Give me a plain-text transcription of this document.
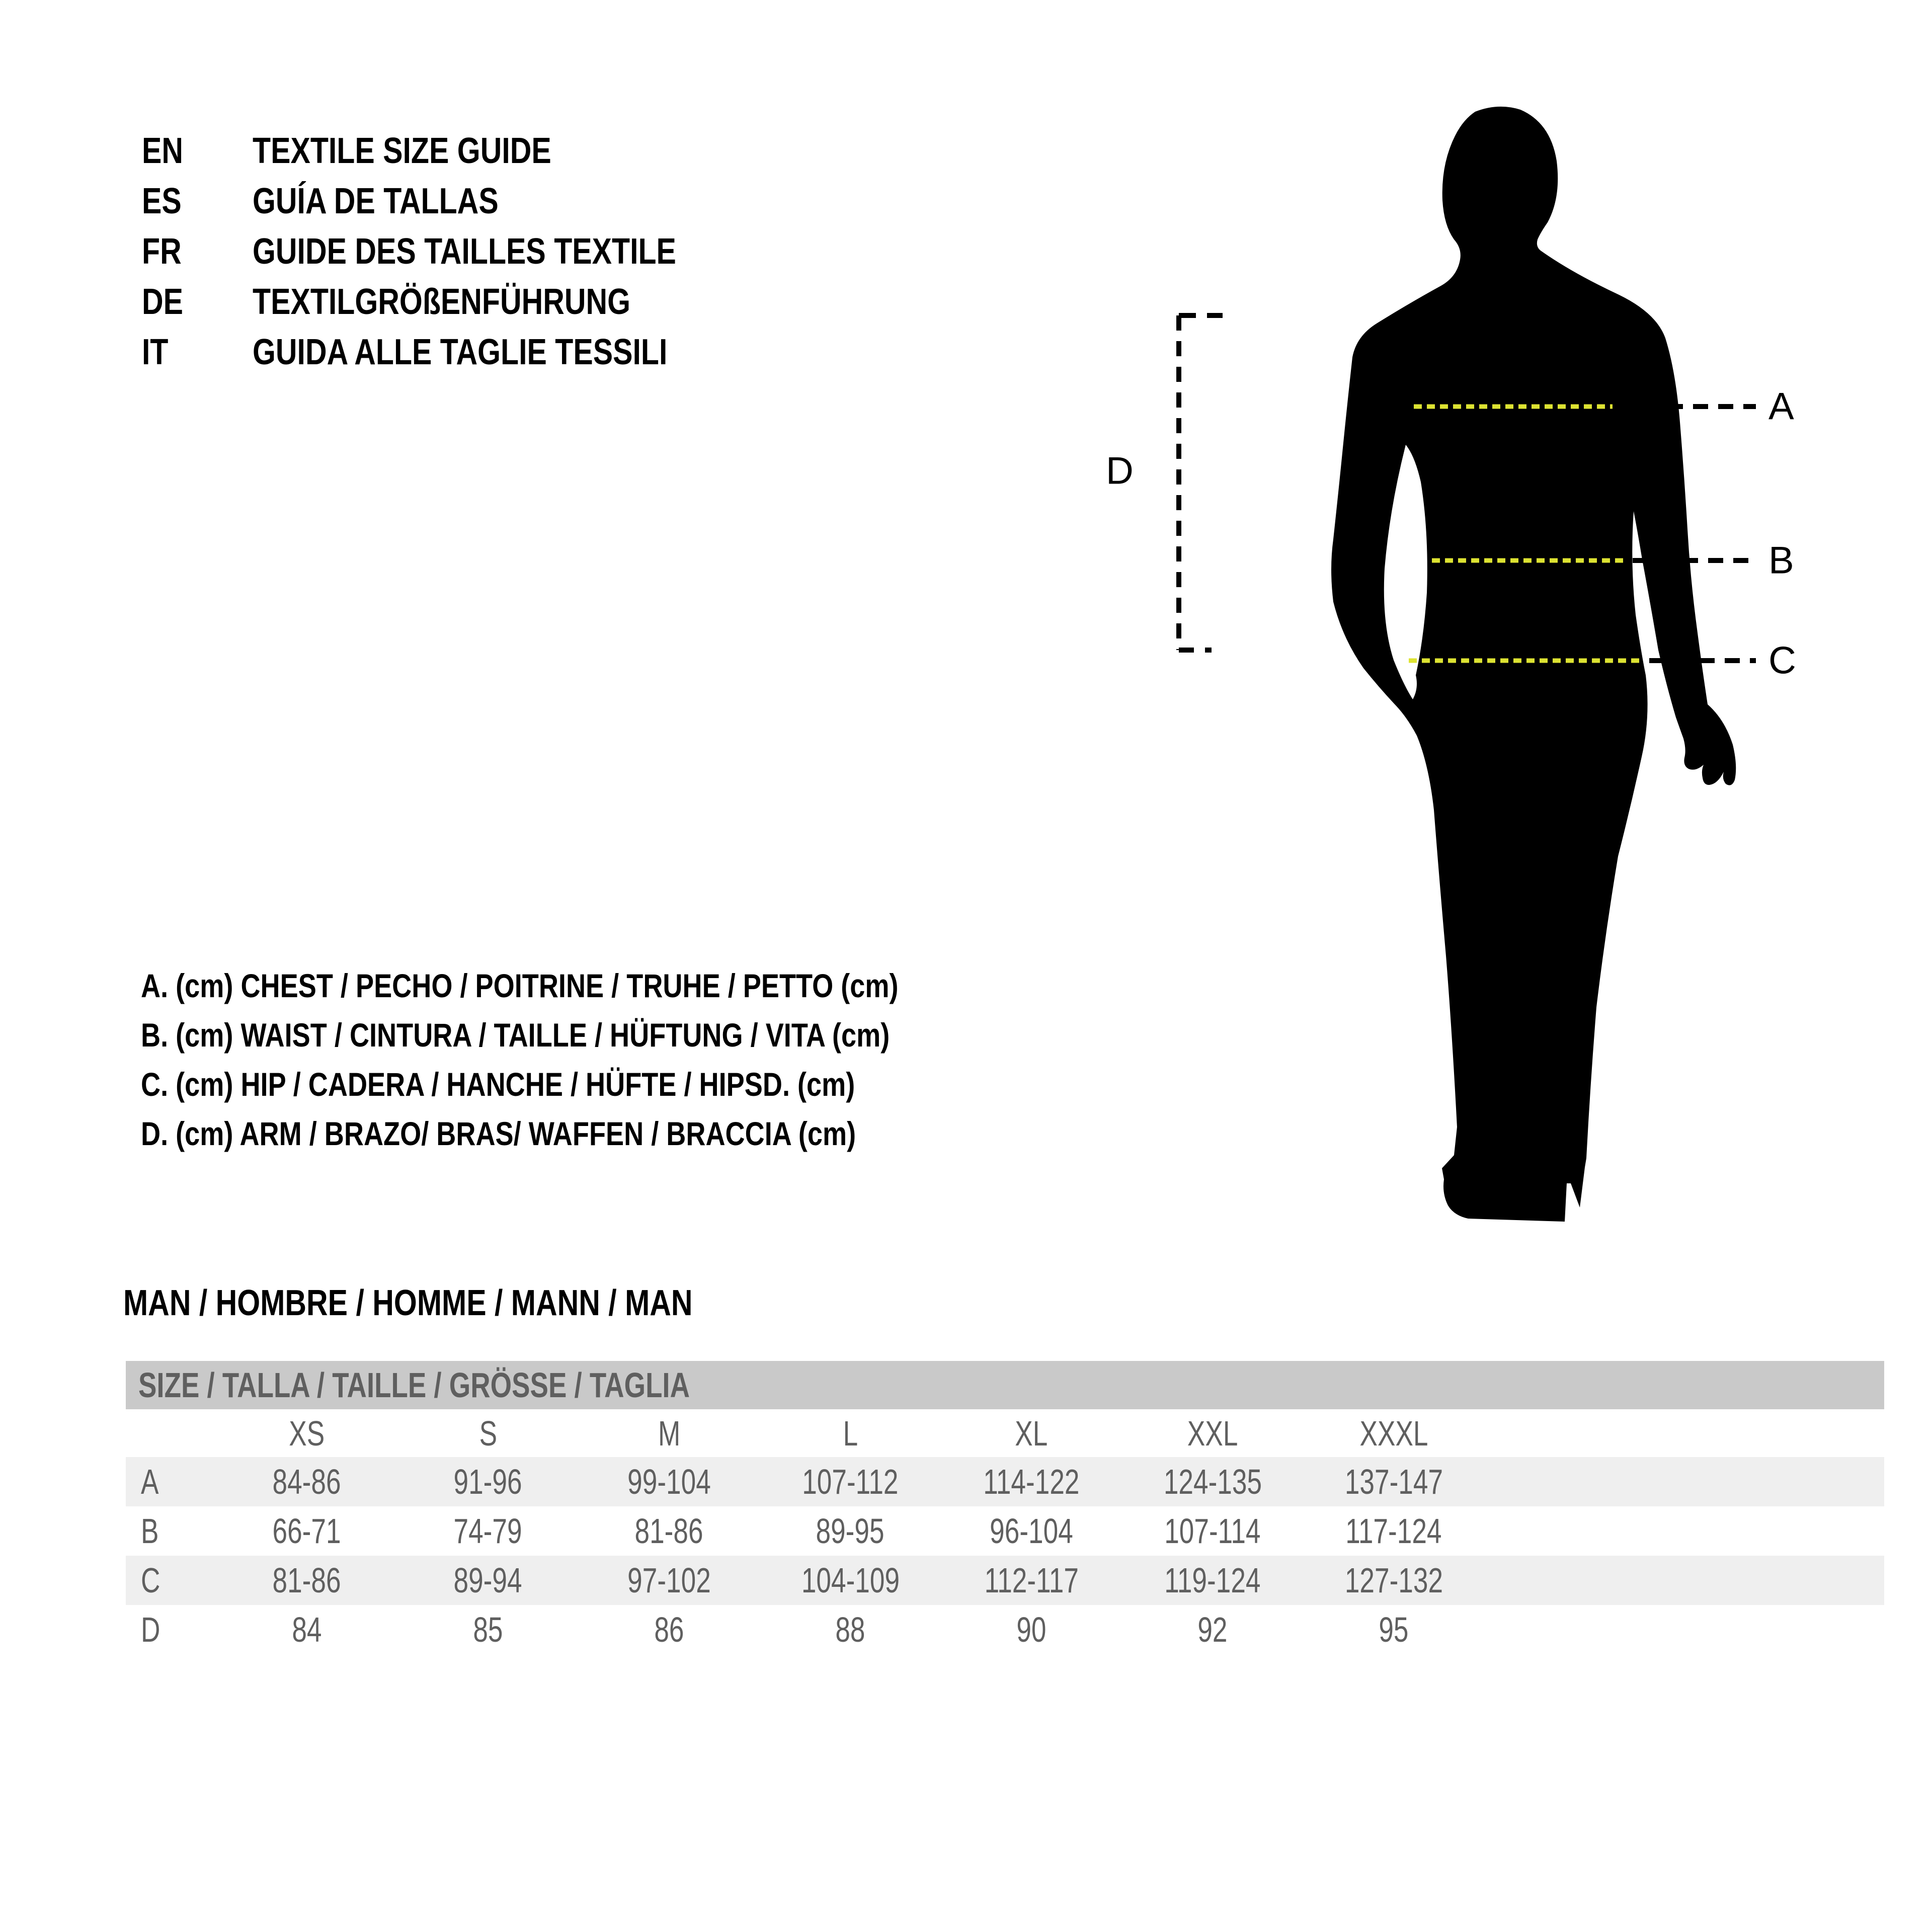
EN TEXTILE SIZE GUIDE
ES GUÍA DE TALLAS
FR GUIDE DES TAILLES TEXTILE
DE TEXTILGRÖßENFÜHRUNG
IT GUIDA ALLE TAGLIE TESSILI
A
B
C
D
A. (cm) CHEST / PECHO / POITRINE / TRUHE / PETTO (cm)
B. (cm) WAIST / CINTURA / TAILLE / HÜFTUNG / VITA (cm)
C. (cm) HIP / CADERA / HANCHE / HÜFTE / HIPSD. (cm)
D. (cm) ARM / BRAZO/ BRAS/ WAFFEN / BRACCIA (cm)
MAN / HOMBRE / HOMME / MANN / MAN
SIZE / TALLA / TAILLE / GRÖSSE / TAGLIA
XS	S	M	L	XL	XXL	XXXL
A	84-86	91-96	99-104	107-112 114-122 124-135 137-147
B	66-71	74-79	81-86	89-95	96-104	107-114 117-124
C	81-86	89-94	97-102	104-109 112-117 119-124 127-132
D	84	85	86	88	90	92	95
